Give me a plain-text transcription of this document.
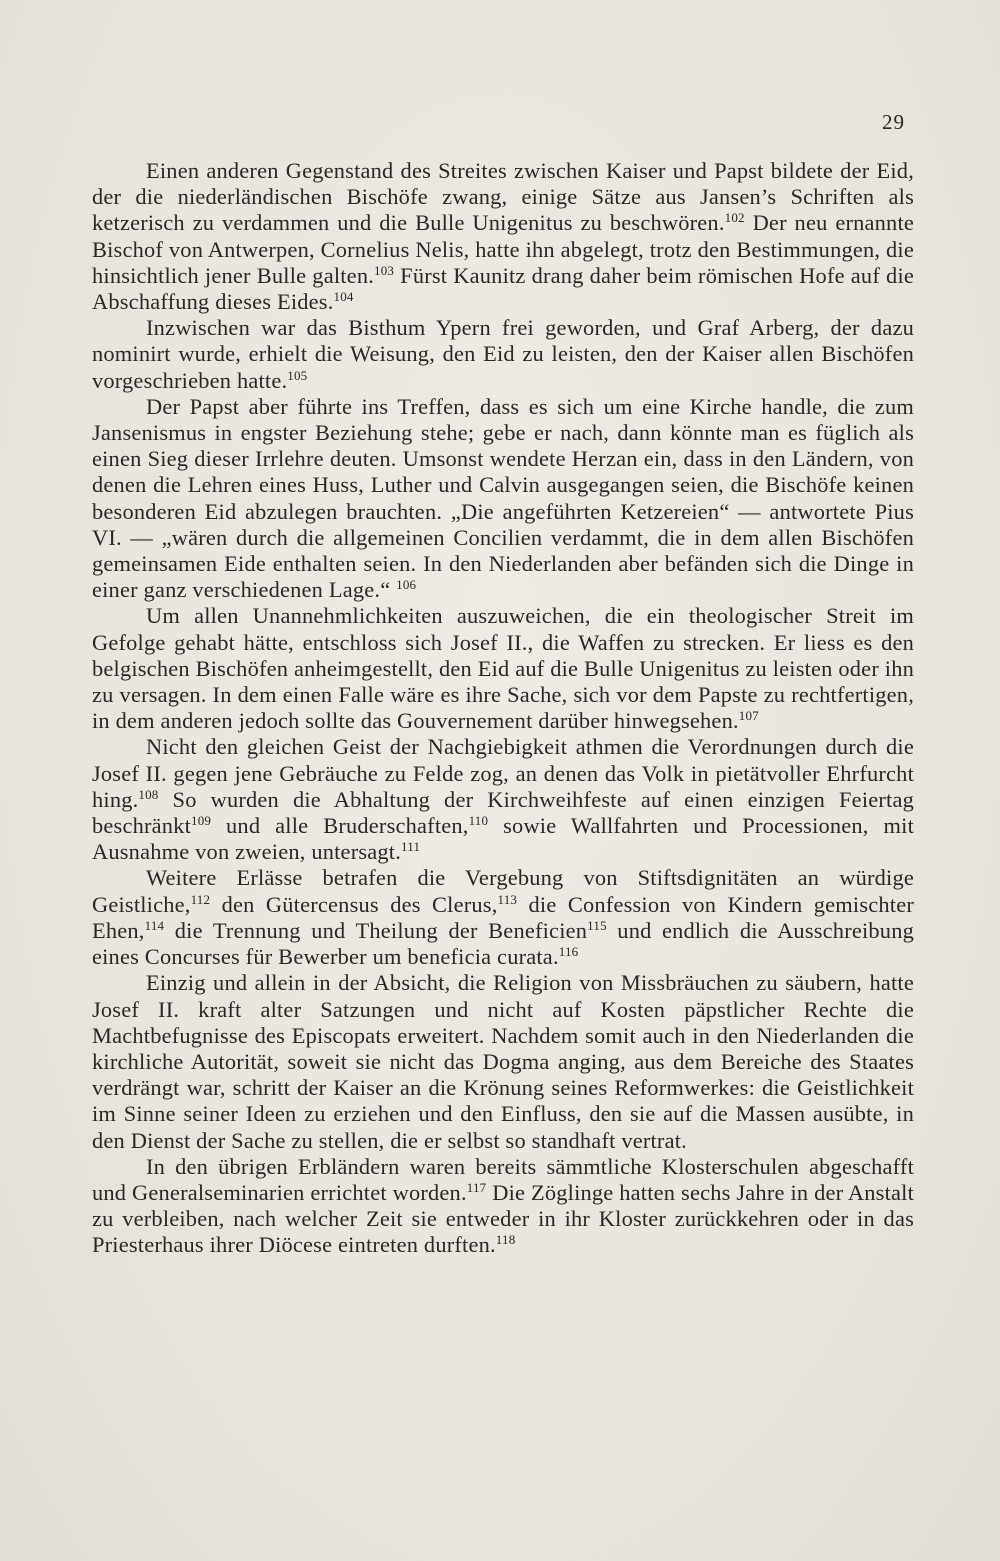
29

Einen anderen Gegenstand des Streites zwischen Kaiser und Papst bildete der Eid, der die niederländischen Bischöfe zwang, einige Sätze aus Jansen’s Schriften als ketzerisch zu verdammen und die Bulle Unigenitus zu beschwören.$^{102}$ Der neu ernannte Bischof von Antwerpen, Cornelius Nelis, hatte ihn abgelegt, trotz den Bestimmungen, die hinsichtlich jener Bulle galten.$^{103}$ Fürst Kaunitz drang daher beim römischen Hofe auf die Abschaffung dieses Eides.$^{104}$

Inzwischen war das Bisthum Ypern frei geworden, und Graf Arberg, der dazu nominirt wurde, erhielt die Weisung, den Eid zu leisten, den der Kaiser allen Bischöfen vorgeschrieben hatte.$^{105}$

Der Papst aber führte ins Treffen, dass es sich um eine Kirche handle, die zum Jansenismus in engster Beziehung stehe; gebe er nach, dann könnte man es füglich als einen Sieg dieser Irrlehre deuten. Umsonst wendete Herzan ein, dass in den Ländern, von denen die Lehren eines Huss, Luther und Calvin ausgegangen seien, die Bischöfe keinen besonderen Eid abzulegen brauchten. „Die angeführten Ketzereien“ — antwortete Pius VI. — „wären durch die allgemeinen Concilien verdammt, die in dem allen Bischöfen gemeinsamen Eide enthalten seien. In den Niederlanden aber befänden sich die Dinge in einer ganz verschiedenen Lage.“ $^{106}$

Um allen Unannehmlichkeiten auszuweichen, die ein theologischer Streit im Gefolge gehabt hätte, entschloss sich Josef II., die Waffen zu strecken. Er liess es den belgischen Bischöfen anheimgestellt, den Eid auf die Bulle Unigenitus zu leisten oder ihn zu versagen. In dem einen Falle wäre es ihre Sache, sich vor dem Papste zu rechtfertigen, in dem anderen jedoch sollte das Gouvernement darüber hinwegsehen.$^{107}$

Nicht den gleichen Geist der Nachgiebigkeit athmen die Verordnungen durch die Josef II. gegen jene Gebräuche zu Felde zog, an denen das Volk in pietätvoller Ehrfurcht hing.$^{108}$ So wurden die Abhaltung der Kirchweihfeste auf einen einzigen Feiertag beschränkt$^{109}$ und alle Bruderschaften,$^{110}$ sowie Wallfahrten und Processionen, mit Ausnahme von zweien, untersagt.$^{111}$

Weitere Erlässe betrafen die Vergebung von Stiftsdignitäten an würdige Geistliche,$^{112}$ den Gütercensus des Clerus,$^{113}$ die Confession von Kindern gemischter Ehen,$^{114}$ die Trennung und Theilung der Beneficien$^{115}$ und endlich die Ausschreibung eines Concurses für Bewerber um beneficia curata.$^{116}$

Einzig und allein in der Absicht, die Religion von Missbräuchen zu säubern, hatte Josef II. kraft alter Satzungen und nicht auf Kosten päpstlicher Rechte die Machtbefugnisse des Episcopats erweitert. Nachdem somit auch in den Niederlanden die kirchliche Autorität, soweit sie nicht das Dogma anging, aus dem Bereiche des Staates verdrängt war, schritt der Kaiser an die Krönung seines Reformwerkes: die Geistlichkeit im Sinne seiner Ideen zu erziehen und den Einfluss, den sie auf die Massen ausübte, in den Dienst der Sache zu stellen, die er selbst so standhaft vertrat.

In den übrigen Erbländern waren bereits sämmtliche Klosterschulen abgeschafft und Generalseminarien errichtet worden.$^{117}$ Die Zöglinge hatten sechs Jahre in der Anstalt zu verbleiben, nach welcher Zeit sie entweder in ihr Kloster zurückkehren oder in das Priesterhaus ihrer Diöcese eintreten durften.$^{118}$
